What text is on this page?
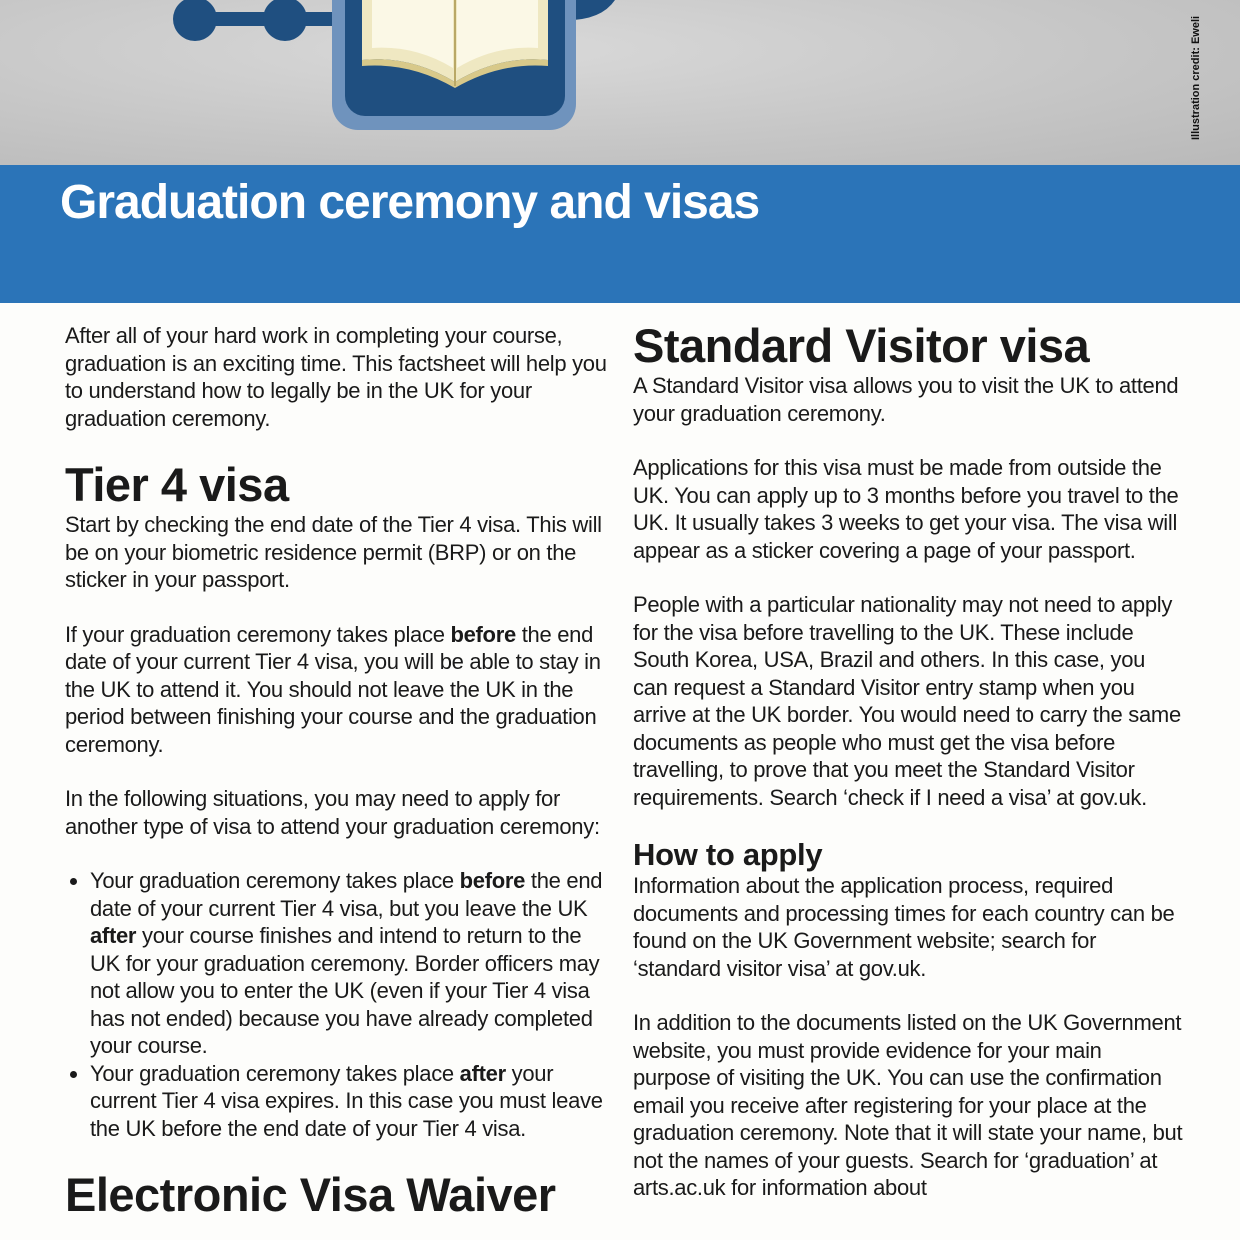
Illustration credit: Eweli
Graduation ceremony and visas

After all of your hard work in completing your course, graduation is an exciting time. This factsheet will help you to understand how to legally be in the UK for your graduation ceremony.

Tier 4 visa

Start by checking the end date of the Tier 4 visa. This will be on your biometric residence permit (BRP) or on the sticker in your passport.

If your graduation ceremony takes place before the end date of your current Tier 4 visa, you will be able to stay in the UK to attend it. You should not leave the UK in the period between finishing your course and the graduation ceremony.

In the following situations, you may need to apply for another type of visa to attend your graduation ceremony:

• Your graduation ceremony takes place before the end date of your current Tier 4 visa, but you leave the UK after your course finishes and intend to return to the UK for your graduation ceremony. Border officers may not allow you to enter the UK (even if your Tier 4 visa has not ended) because you have already completed your course.
• Your graduation ceremony takes place after your current Tier 4 visa expires. In this case you must leave the UK before the end date of your Tier 4 visa.
Electronic Visa Waiver
Standard Visitor visa

A Standard Visitor visa allows you to visit the UK to attend your graduation ceremony.

Applications for this visa must be made from outside the UK. You can apply up to 3 months before you travel to the UK. It usually takes 3 weeks to get your visa. The visa will appear as a sticker covering a page of your passport.

People with a particular nationality may not need to apply for the visa before travelling to the UK. These include South Korea, USA, Brazil and others. In this case, you can request a Standard Visitor entry stamp when you arrive at the UK border. You would need to carry the same documents as people who must get the visa before travelling, to prove that you meet the Standard Visitor requirements. Search ‘check if I need a visa’ at gov.uk.

How to apply

Information about the application process, required documents and processing times for each country can be found on the UK Government website; search for ‘standard visitor visa’ at gov.uk.

In addition to the documents listed on the UK Government website, you must provide evidence for your main purpose of visiting the UK. You can use the confirmation email you receive after registering for your place at the graduation ceremony. Note that it will state your name, but not the names of your guests. Search for ‘graduation’ at arts.ac.uk for information about
